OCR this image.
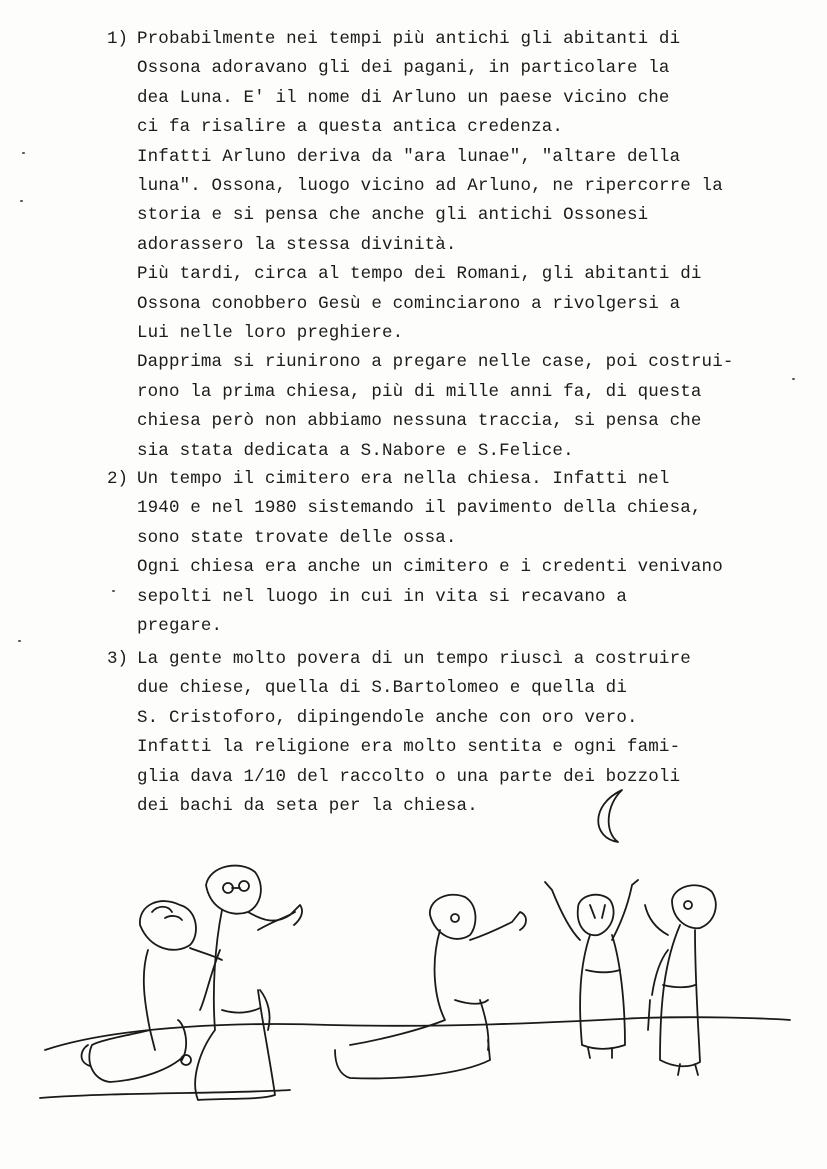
1) Probabilmente nei tempi più antichi gli abitanti di
Ossona adoravano gli dei pagani, in particolare la
dea Luna. E' il nome di Arluno un paese vicino che
ci fa risalire a questa antica credenza.
Infatti Arluno deriva da "ara lunae", "altare della
luna". Ossona, luogo vicino ad Arluno, ne ripercorre la
storia e si pensa che anche gli antichi Ossonesi
adorassero la stessa divinità.
Più tardi, circa al tempo dei Romani, gli abitanti di
Ossona conobbero Gesù e cominciarono a rivolgersi a
Lui nelle loro preghiere.
Dapprima si riunirono a pregare nelle case, poi costrui-
rono la prima chiesa, più di mille anni fa, di questa
chiesa però non abbiamo nessuna traccia, si pensa che
sia stata dedicata a S.Nabore e S.Felice.
2) Un tempo il cimitero era nella chiesa. Infatti nel
1940 e nel 1980 sistemando il pavimento della chiesa,
sono state trovate delle ossa.
Ogni chiesa era anche un cimitero e i credenti venivano
sepolti nel luogo in cui in vita si recavano a
pregare.
3) La gente molto povera di un tempo riuscì a costruire
due chiese, quella di S.Bartolomeo e quella di
S. Cristoforo, dipingendole anche con oro vero.
Infatti la religione era molto sentita e ogni fami-
glia dava 1/10 del raccolto o una parte dei bozzoli
dei bachi da seta per la chiesa.
